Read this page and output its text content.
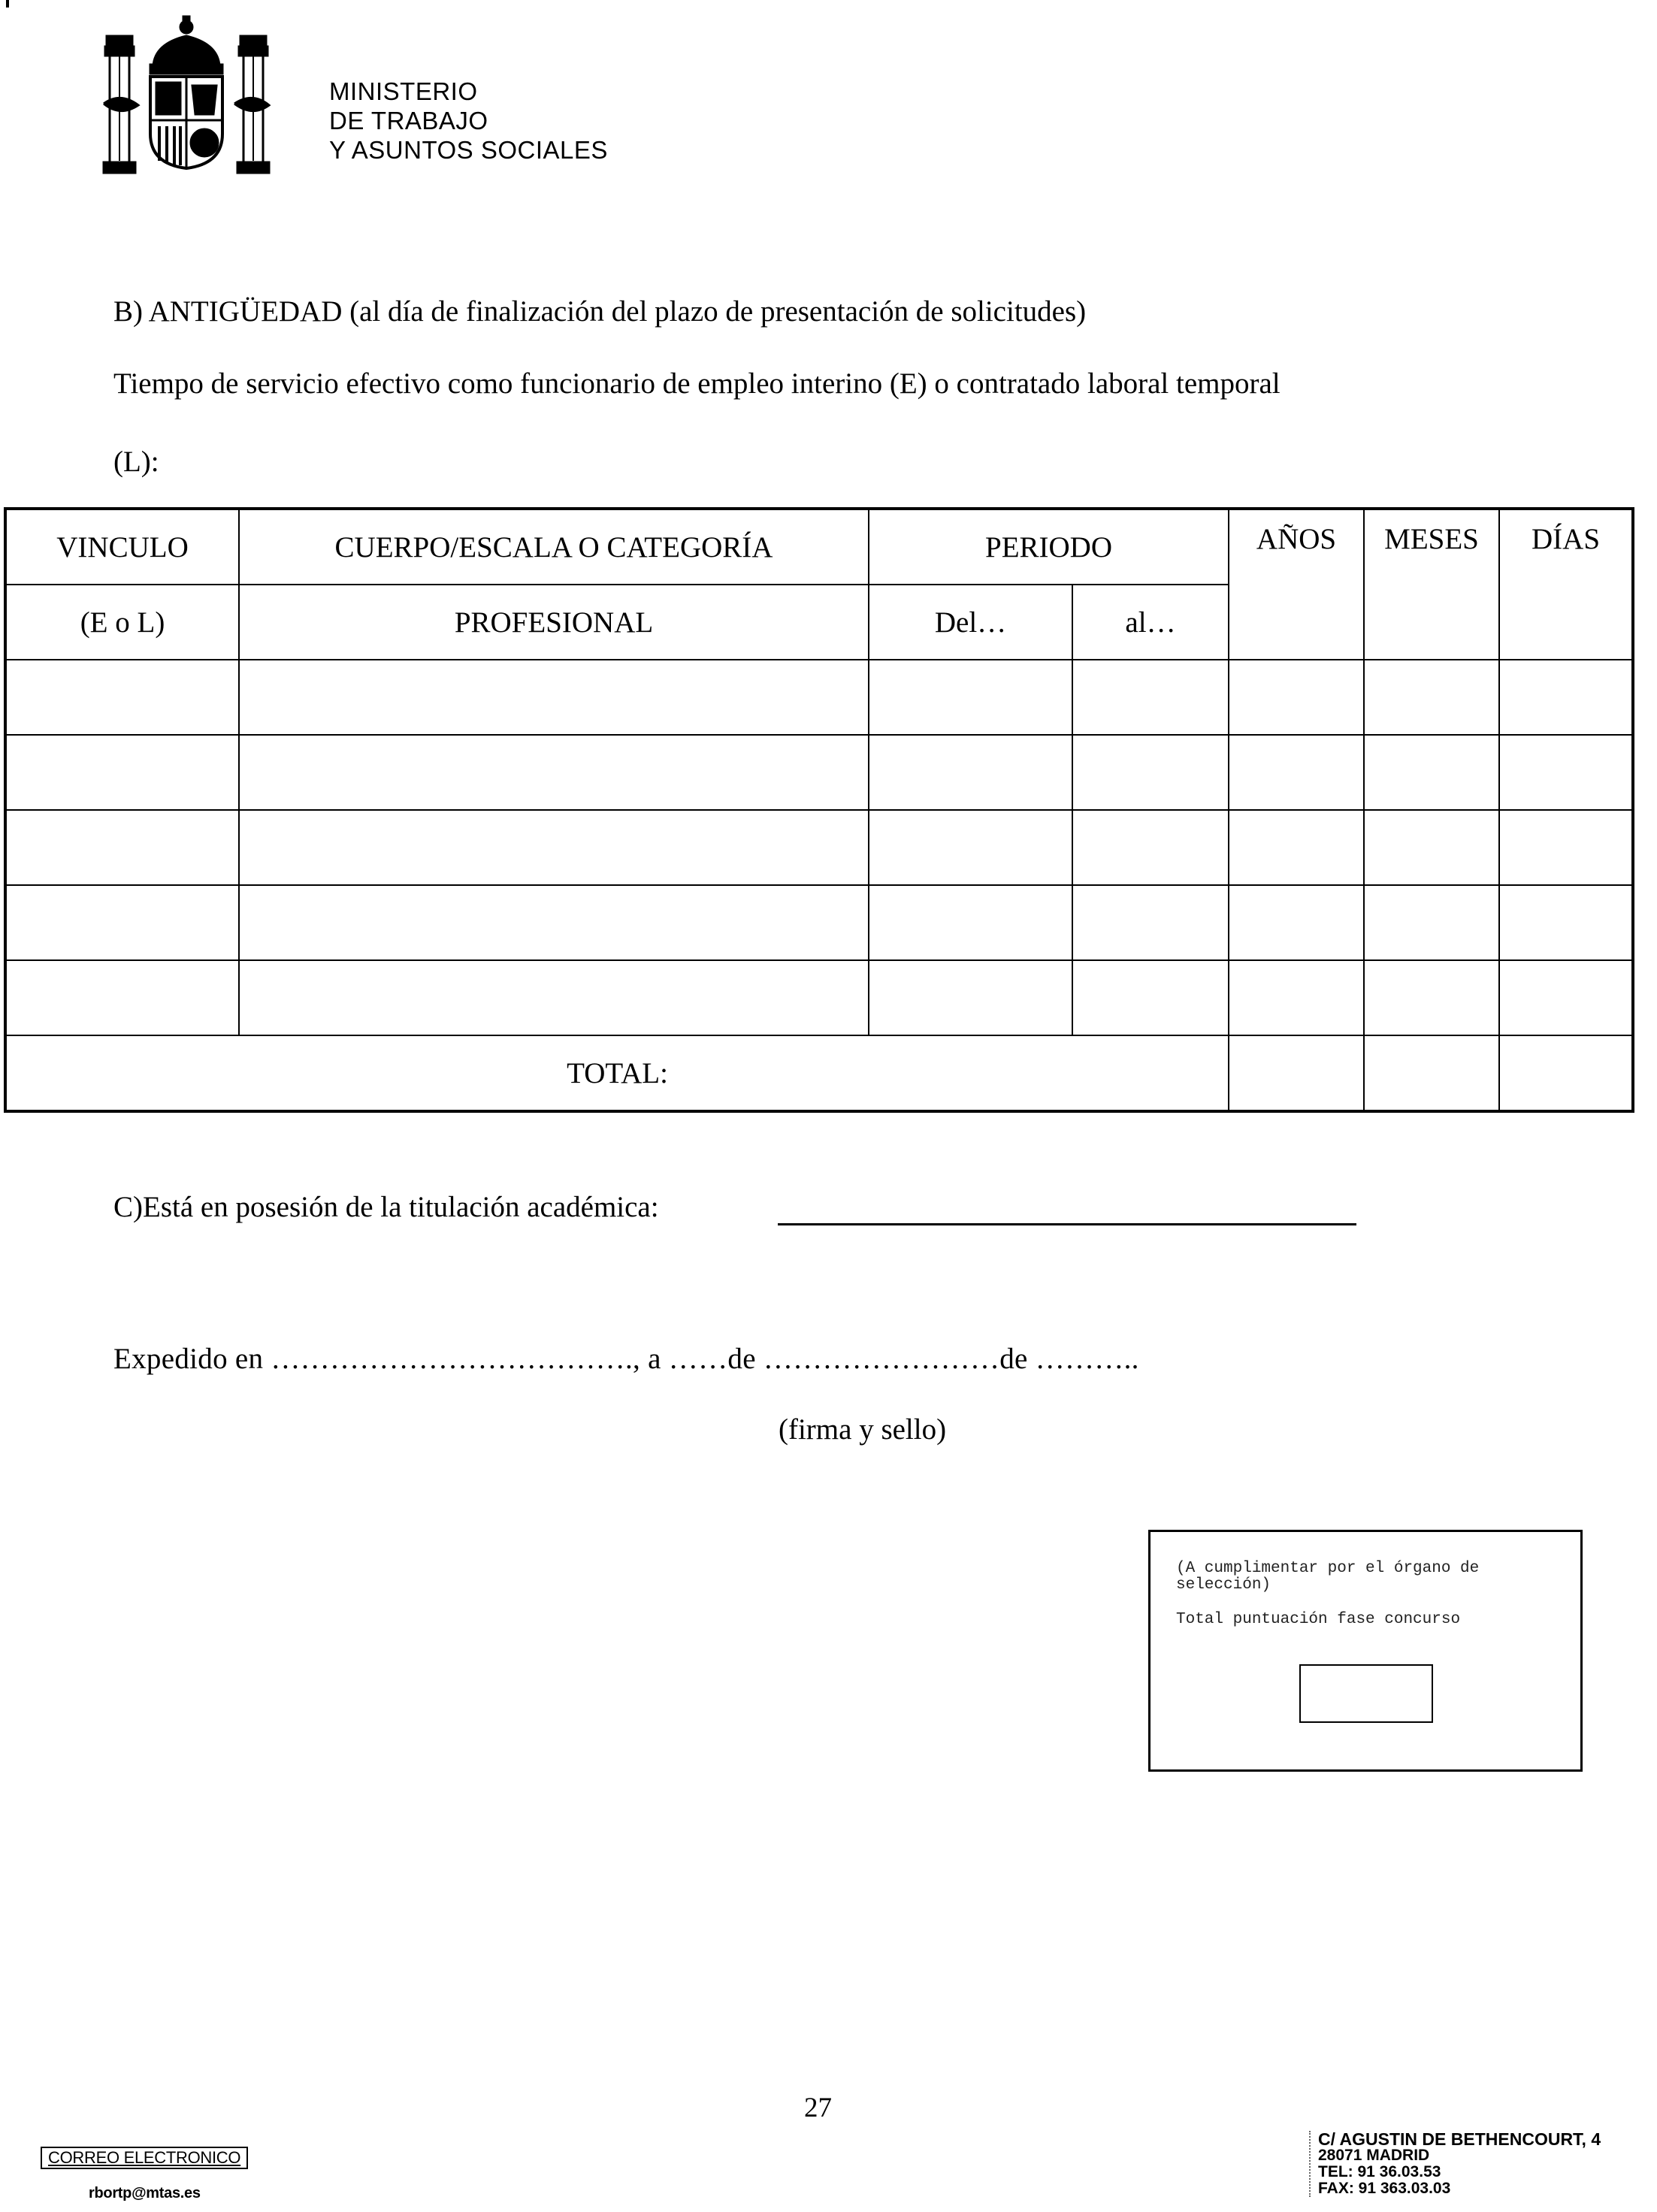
MINISTERIO
DE TRABAJO
Y ASUNTOS SOCIALES
B) ANTIGÜEDAD (al día de finalización del plazo de presentación de solicitudes)
Tiempo de servicio efectivo como funcionario de empleo interino (E) o contratado laboral temporal
(L):
VINCULO	CUERPO/ESCALA O CATEGORÍA	PERIODO		AÑOS	MESES	DÍAS
(E o L)	PROFESIONAL	Del…	al…			

TOTAL:						
C)Está en posesión de la titulación académica:
Expedido en ………………………………., a ……de ……………………de ………..
(firma y sello)
(A cumplimentar por el órgano de selección)
Total puntuación fase concurso
27
CORREO ELECTRONICO
rbortp@mtas.es
C/ AGUSTIN DE BETHENCOURT, 4
28071 MADRID
TEL: 91 36.03.53
FAX: 91 363.03.03
